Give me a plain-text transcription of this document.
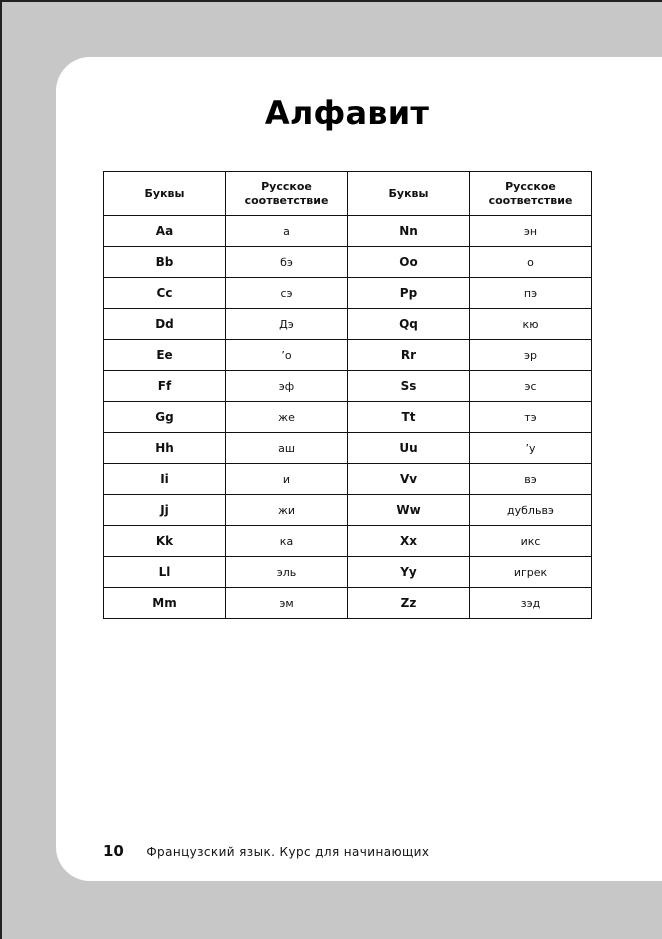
Алфавит
Буквы	Русское соответствие	Буквы	Русское соответствие
Aa	а	Nn	эн
Bb	бэ	Oo	о
Cc	сэ	Pp	пэ
Dd	Дэ	Qq	кю
Ee	ʼо	Rr	эр
Ff	эф	Ss	эс
Gg	же	Tt	тэ
Hh	аш	Uu	ʼу
Ii	и	Vv	вэ
Jj	жи	Ww	дубльвэ
Kk	ка	Xx	икс
Ll	эль	Yy	игрек
Mm	эм	Zz	зэд
10 Французский язык. Курс для начинающих
